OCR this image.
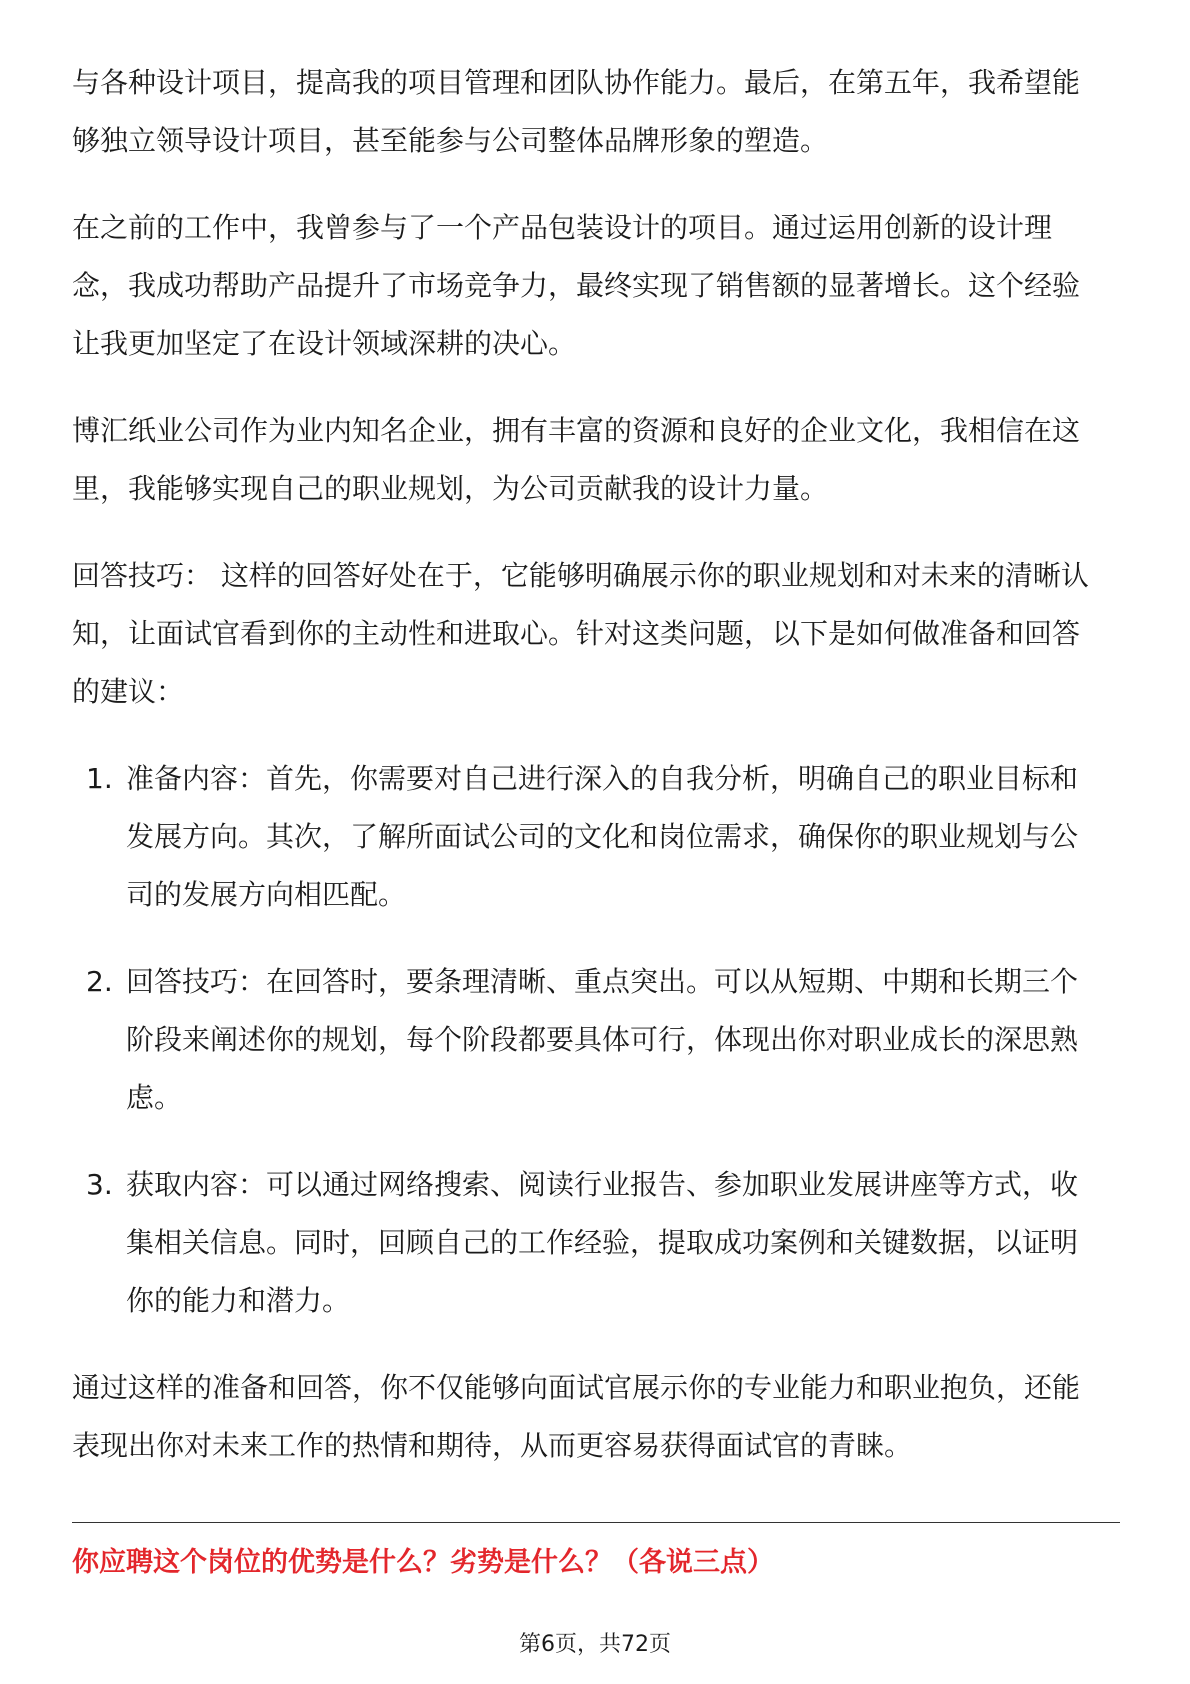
与各种设计项目，提高我的项目管理和团队协作能力。最后，在第五年，我希望能
够独立领导设计项目，甚至能参与公司整体品牌形象的塑造。
在之前的工作中，我曾参与了一个产品包装设计的项目。通过运用创新的设计理
念，我成功帮助产品提升了市场竞争力，最终实现了销售额的显著增长。这个经验
让我更加坚定了在设计领域深耕的决心。
博汇纸业公司作为业内知名企业，拥有丰富的资源和良好的企业文化，我相信在这
里，我能够实现自己的职业规划，为公司贡献我的设计力量。
回答技巧： 这样的回答好处在于，它能够明确展示你的职业规划和对未来的清晰认
知，让面试官看到你的主动性和进取心。针对这类问题，以下是如何做准备和回答
的建议：
1. 准备内容：首先，你需要对自己进行深入的自我分析，明确自己的职业目标和
发展方向。其次，了解所面试公司的文化和岗位需求，确保你的职业规划与公
司的发展方向相匹配。
2. 回答技巧：在回答时，要条理清晰、重点突出。可以从短期、中期和长期三个
阶段来阐述你的规划，每个阶段都要具体可行，体现出你对职业成长的深思熟
虑。
3. 获取内容：可以通过网络搜索、阅读行业报告、参加职业发展讲座等方式，收
集相关信息。同时，回顾自己的工作经验，提取成功案例和关键数据，以证明
你的能力和潜力。
通过这样的准备和回答，你不仅能够向面试官展示你的专业能力和职业抱负，还能
表现出你对未来工作的热情和期待，从而更容易获得面试官的青睐。
你应聘这个岗位的优势是什么？劣势是什么？（各说三点）
第6页，共72页
